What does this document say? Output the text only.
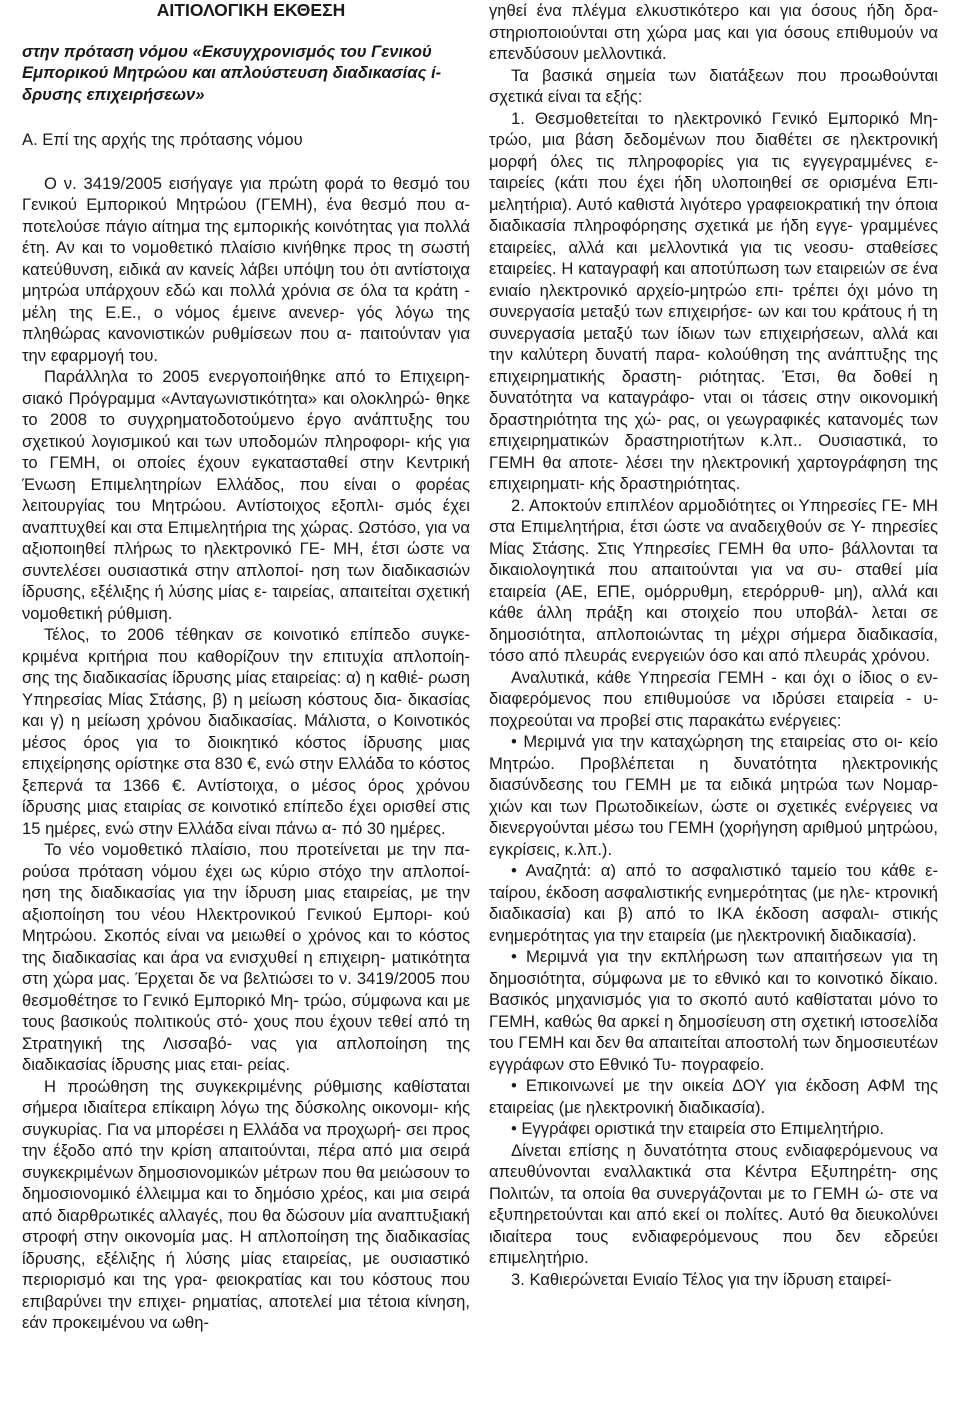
ΑΙΤΙΟΛΟΓΙΚΗ ΕΚΘΕΣΗ
στην πρόταση νόμου «Εκσυγχρονισμός του Γενικού Εμπορικού Μητρώου και απλούστευση διαδικασίας ί- δρυσης επιχειρήσεων»
Α. Επί της αρχής της πρότασης νόμου

Ο ν. 3419/2005 εισήγαγε για πρώτη φορά το θεσμό του Γενικού Εμπορικού Μητρώου (ΓΕΜΗ), ένα θεσμό που α- ποτελούσε πάγιο αίτημα της εμπορικής κοινότητας για πολλά έτη. Αν και το νομοθετικό πλαίσιο κινήθηκε προς τη σωστή κατεύθυνση, ειδικά αν κανείς λάβει υπόψη του ότι αντίστοιχα μητρώα υπάρχουν εδώ και πολλά χρόνια σε όλα τα κράτη - μέλη της Ε.Ε., ο νόμος έμεινε ανενερ- γός λόγω της πληθώρας κανονιστικών ρυθμίσεων που α- παιτούνταν για την εφαρμογή του.

Παράλληλα το 2005 ενεργοποιήθηκε από το Επιχειρη- σιακό Πρόγραμμα «Ανταγωνιστικότητα» και ολοκληρώ- θηκε το 2008 το συγχρηματοδοτούμενο έργο ανάπτυξης του σχετικού λογισμικού και των υποδομών πληροφορι- κής για το ΓΕΜΗ, οι οποίες έχουν εγκατασταθεί στην Κεντρική Ένωση Επιμελητηρίων Ελλάδος, που είναι ο φορέας λειτουργίας του Μητρώου. Αντίστοιχος εξοπλι- σμός έχει αναπτυχθεί και στα Επιμελητήρια της χώρας. Ωστόσο, για να αξιοποιηθεί πλήρως το ηλεκτρονικό ΓΕ- ΜΗ, έτσι ώστε να συντελέσει ουσιαστικά στην απλοποί- ηση των διαδικασιών ίδρυσης, εξέλιξης ή λύσης μίας ε- ταιρείας, απαιτείται σχετική νομοθετική ρύθμιση.

Τέλος, το 2006 τέθηκαν σε κοινοτικό επίπεδο συγκε- κριμένα κριτήρια που καθορίζουν την επιτυχία απλοποίη- σης της διαδικασίας ίδρυσης μίας εταιρείας: α) η καθιέ- ρωση Υπηρεσίας Μίας Στάσης, β) η μείωση κόστους δια- δικασίας και γ) η μείωση χρόνου διαδικασίας. Μάλιστα, ο Κοινοτικός μέσος όρος για το διοικητικό κόστος ίδρυσης μιας επιχείρησης ορίστηκε στα 830 €, ενώ στην Ελλάδα το κόστος ξεπερνά τα 1366 €. Αντίστοιχα, ο μέσος όρος χρόνου ίδρυσης μιας εταιρίας σε κοινοτικό επίπεδο έχει ορισθεί στις 15 ημέρες, ενώ στην Ελλάδα είναι πάνω α- πό 30 ημέρες.

Το νέο νομοθετικό πλαίσιο, που προτείνεται με την πα- ρούσα πρόταση νόμου έχει ως κύριο στόχο την απλοποί- ηση της διαδικασίας για την ίδρυση μιας εταιρείας, με την αξιοποίηση του νέου Ηλεκτρονικού Γενικού Εμπορι- κού Μητρώου. Σκοπός είναι να μειωθεί ο χρόνος και το κόστος της διαδικασίας και άρα να ενισχυθεί η επιχειρη- ματικότητα στη χώρα μας. Έρχεται δε να βελτιώσει το ν. 3419/2005 που θεσμοθέτησε το Γενικό Εμπορικό Μη- τρώο, σύμφωνα και με τους βασικούς πολιτικούς στό- χους που έχουν τεθεί από τη Στρατηγική της Λισσαβό- νας για απλοποίηση της διαδικασίας ίδρυσης μιας εται- ρείας.

Η προώθηση της συγκεκριμένης ρύθμισης καθίσταται σήμερα ιδιαίτερα επίκαιρη λόγω της δύσκολης οικονομι- κής συγκυρίας. Για να μπορέσει η Ελλάδα να προχωρή- σει προς την έξοδο από την κρίση απαιτούνται, πέρα από μια σειρά συγκεκριμένων δημοσιονομικών μέτρων που θα μειώσουν το δημοσιονομικό έλλειμμα και το δημόσιο χρέος, και μια σειρά από διαρθρωτικές αλλαγές, που θα δώσουν μία αναπτυξιακή στροφή στην οικονομία μας. Η απλοποίηση της διαδικασίας ίδρυσης, εξέλιξης ή λύσης μίας εταιρείας, με ουσιαστικό περιορισμό και της γρα- φειοκρατίας και του κόστους που επιβαρύνει την επιχει- ρηματίας, αποτελεί μια τέτοια κίνηση, εάν προκειμένου να ωθη-

γηθεί ένα πλέγμα ελκυστικότερο και για όσους ήδη δρα- στηριοποιούνται στη χώρα μας και για όσους επιθυμούν να επενδύσουν μελλοντικά.

Τα βασικά σημεία των διατάξεων που προωθούνται σχετικά είναι τα εξής:

1. Θεσμοθετείται το ηλεκτρονικό Γενικό Εμπορικό Μη- τρώο, μια βάση δεδομένων που διαθέτει σε ηλεκτρονική μορφή όλες τις πληροφορίες για τις εγγεγραμμένες ε- ταιρείες (κάτι που έχει ήδη υλοποιηθεί σε ορισμένα Επι- μελητήρια). Αυτό καθιστά λιγότερο γραφειοκρατική την όποια διαδικασία πληροφόρησης σχετικά με ήδη εγγε- γραμμένες εταιρείες, αλλά και μελλοντικά για τις νεοσυ- σταθείσες εταιρείες. Η καταγραφή και αποτύπωση των εταιρειών σε ένα ενιαίο ηλεκτρονικό αρχείο-μητρώο επι- τρέπει όχι μόνο τη συνεργασία μεταξύ των επιχειρήσε- ων και του κράτους ή τη συνεργασία μεταξύ των ίδιων των επιχειρήσεων, αλλά και την καλύτερη δυνατή παρα- κολούθηση της ανάπτυξης της επιχειρηματικής δραστη- ριότητας. Έτσι, θα δοθεί η δυνατότητα να καταγράφο- νται οι τάσεις στην οικονομική δραστηριότητα της χώ- ρας, οι γεωγραφικές κατανομές των επιχειρηματικών δραστηριοτήτων κ.λπ.. Ουσιαστικά, το ΓΕΜΗ θα αποτε- λέσει την ηλεκτρονική χαρτογράφηση της επιχειρηματι- κής δραστηριότητας.

2. Αποκτούν επιπλέον αρμοδιότητες οι Υπηρεσίες ΓΕ- ΜΗ στα Επιμελητήρια, έτσι ώστε να αναδειχθούν σε Υ- πηρεσίες Μίας Στάσης. Στις Υπηρεσίες ΓΕΜΗ θα υπο- βάλλονται τα δικαιολογητικά που απαιτούνται για να συ- σταθεί μία εταιρεία (ΑΕ, ΕΠΕ, ομόρρυθμη, ετερόρρυθ- μη), αλλά και κάθε άλλη πράξη και στοιχείο που υποβάλ- λεται σε δημοσιότητα, απλοποιώντας τη μέχρι σήμερα διαδικασία, τόσο από πλευράς ενεργειών όσο και από πλευράς χρόνου.

Αναλυτικά, κάθε Υπηρεσία ΓΕΜΗ - και όχι ο ίδιος ο εν- διαφερόμενος που επιθυμούσε να ιδρύσει εταιρεία - υ- ποχρεούται να προβεί στις παρακάτω ενέργειες:

• Μεριμνά για την καταχώρηση της εταιρείας στο οι- κείο Μητρώο. Προβλέπεται η δυνατότητα ηλεκτρονικής διασύνδεσης του ΓΕΜΗ με τα ειδικά μητρώα των Νομαρ- χιών και των Πρωτοδικείων, ώστε οι σχετικές ενέργειες να διενεργούνται μέσω του ΓΕΜΗ (χορήγηση αριθμού μητρώου, εγκρίσεις, κ.λπ.).

• Αναζητά: α) από το ασφαλιστικό ταμείο του κάθε ε- ταίρου, έκδοση ασφαλιστικής ενημερότητας (με ηλε- κτρονική διαδικασία) και β) από το ΙΚΑ έκδοση ασφαλι- στικής ενημερότητας για την εταιρεία (με ηλεκτρονική διαδικασία).

• Μεριμνά για την εκπλήρωση των απαιτήσεων για τη δημοσιότητα, σύμφωνα με το εθνικό και το κοινοτικό δίκαιο. Βασικός μηχανισμός για το σκοπό αυτό καθίσταται μόνο το ΓΕΜΗ, καθώς θα αρκεί η δημοσίευση στη σχετική ιστοσελίδα του ΓΕΜΗ και δεν θα απαιτείται αποστολή των δημοσιευτέων εγγράφων στο Εθνικό Τυ- πογραφείο.

• Επικοινωνεί με την οικεία ΔΟΥ για έκδοση ΑΦΜ της εταιρείας (με ηλεκτρονική διαδικασία).

• Εγγράφει οριστικά την εταιρεία στο Επιμελητήριο.

Δίνεται επίσης η δυνατότητα στους ενδιαφερόμενους να απευθύνονται εναλλακτικά στα Κέντρα Εξυπηρέτη- σης Πολιτών, τα οποία θα συνεργάζονται με το ΓΕΜΗ ώ- στε να εξυπηρετούνται και από εκεί οι πολίτες. Αυτό θα διευκολύνει ιδιαίτερα τους ενδιαφερόμενους που δεν εδρεύει επιμελητήριο.

3. Καθιερώνεται Ενιαίο Τέλος για την ίδρυση εταιρεί-
